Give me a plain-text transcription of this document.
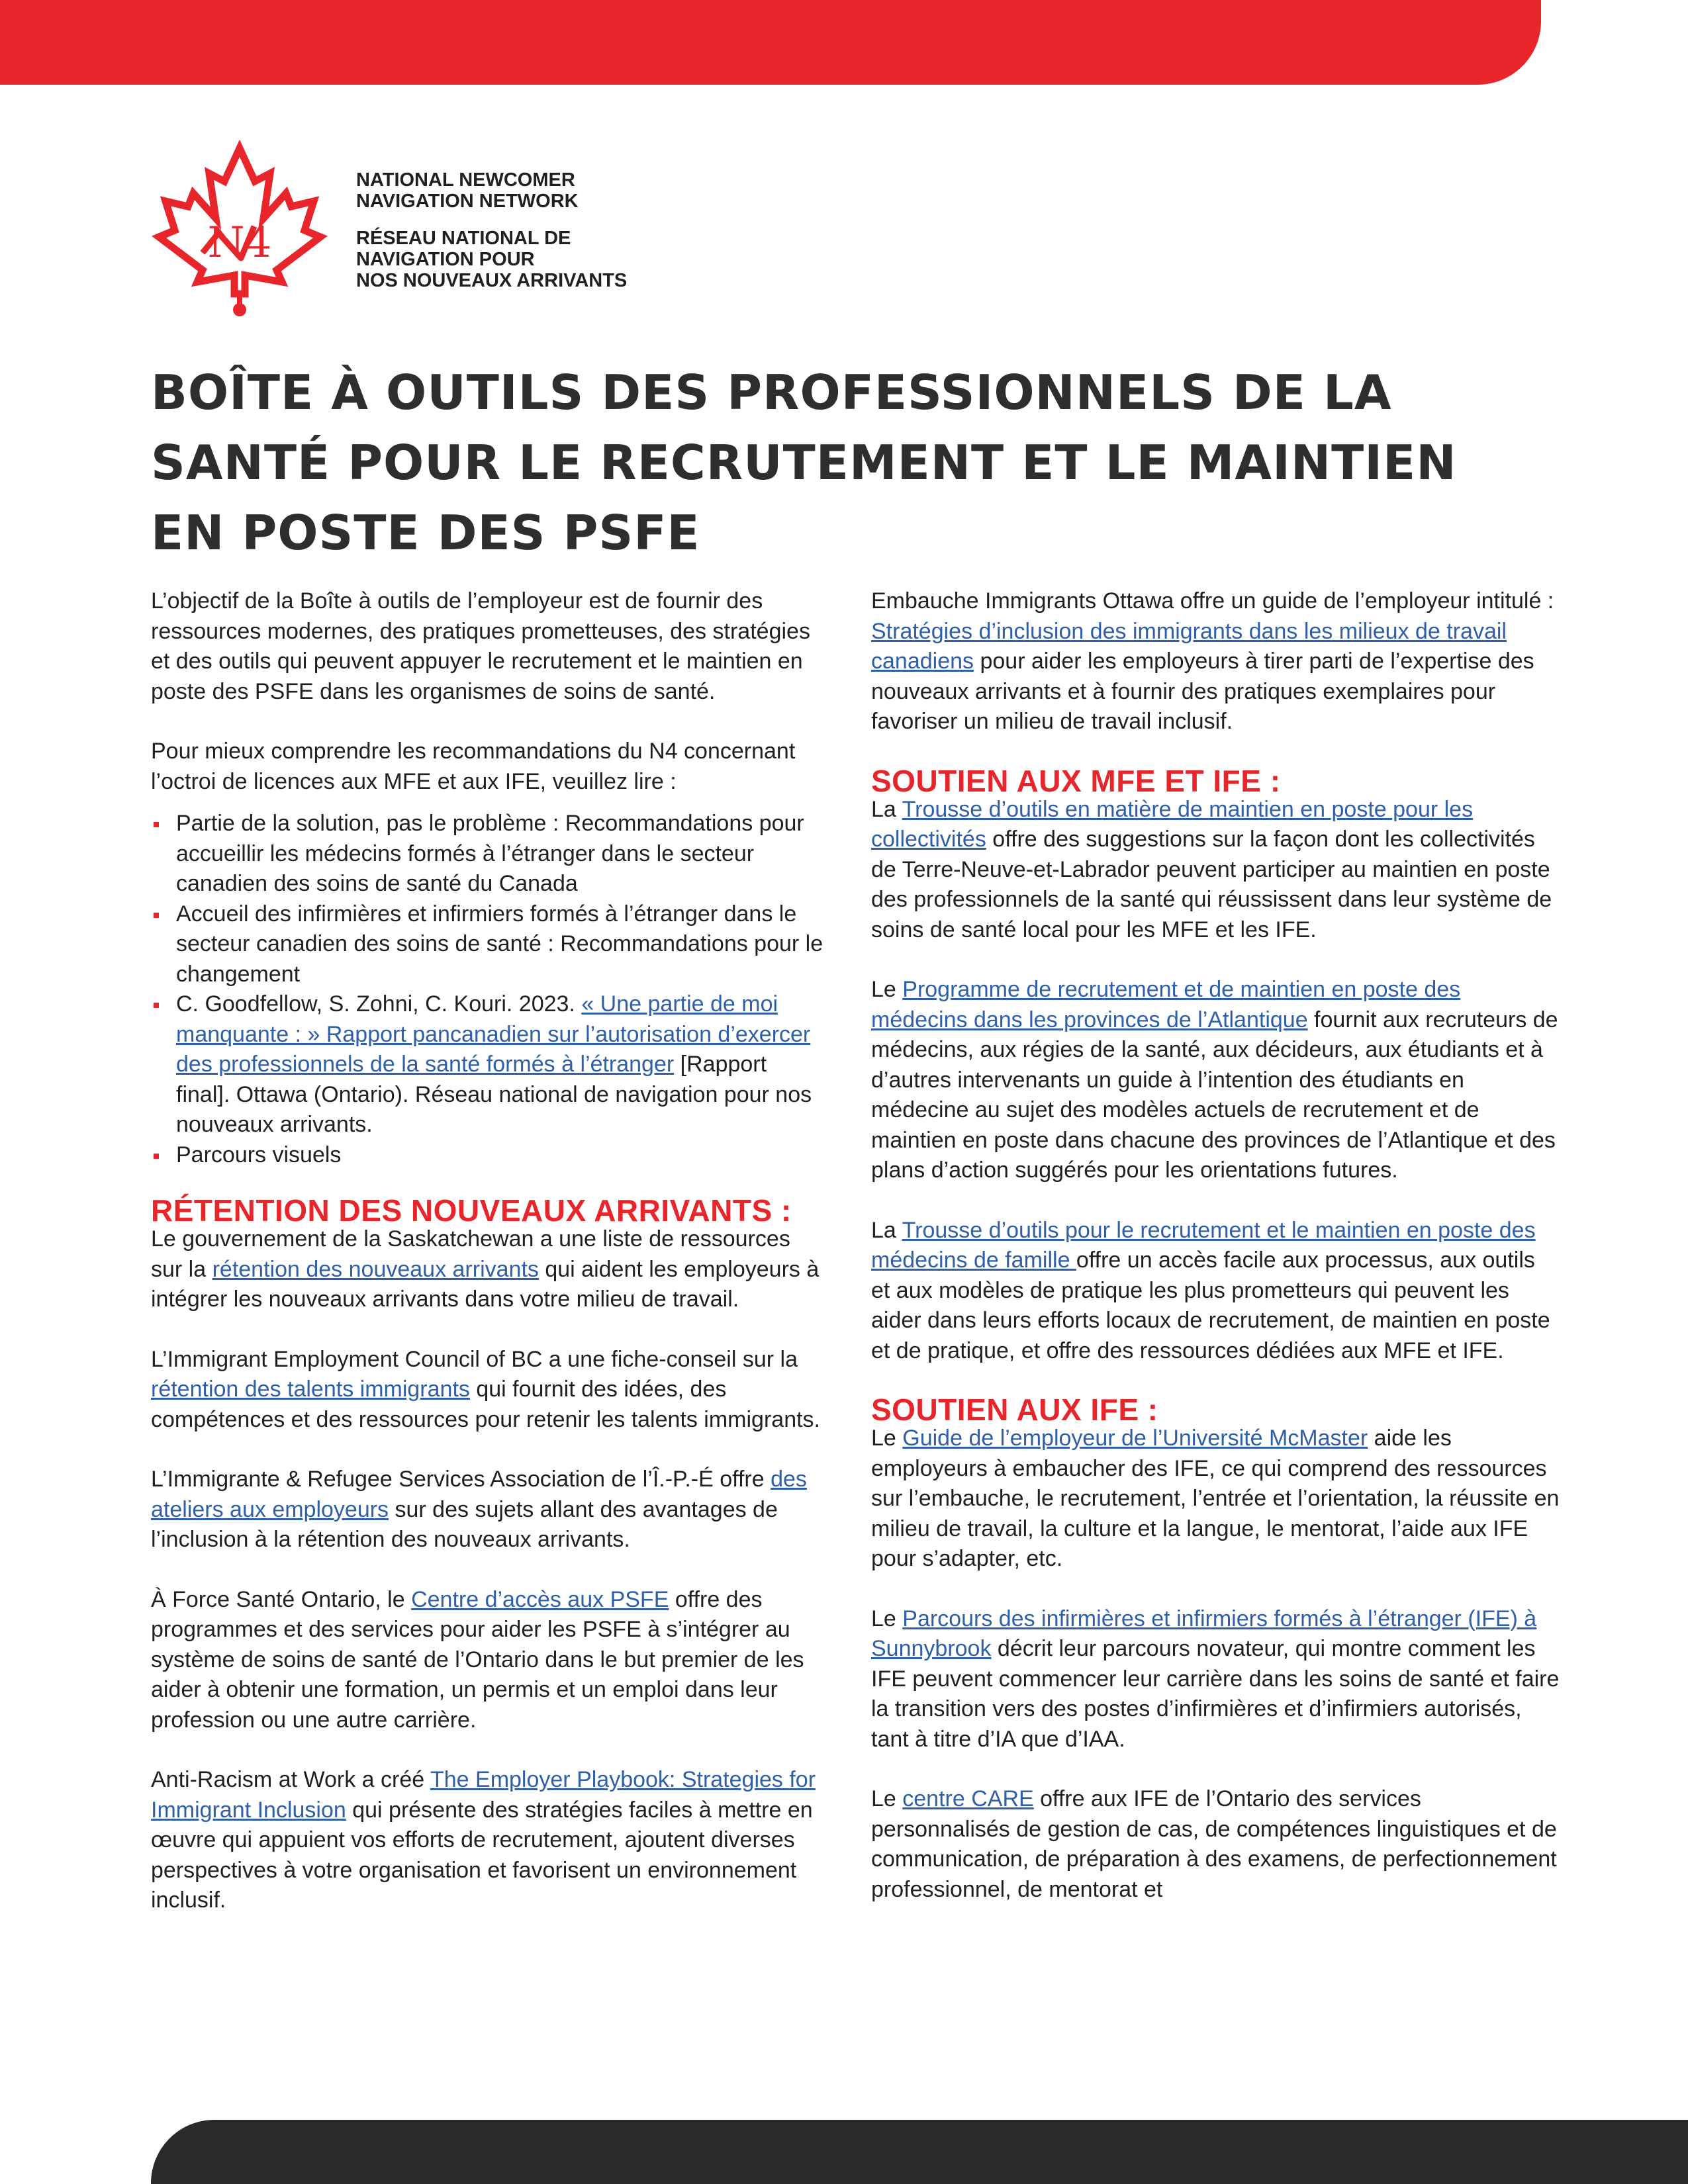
N4
NATIONAL NEWCOMER
NAVIGATION NETWORK
RÉSEAU NATIONAL DE
NAVIGATION POUR
NOS NOUVEAUX ARRIVANTS
BOÎTE À OUTILS DES PROFESSIONNELS DE LA
SANTÉ POUR LE RECRUTEMENT ET LE MAINTIEN
EN POSTE DES PSFE

L’objectif de la Boîte à outils de l’employeur est de fournir des ressources modernes, des pratiques prometteuses, des stratégies et des outils qui peuvent appuyer le recrutement et le maintien en poste des PSFE dans les organismes de soins de santé.

Pour mieux comprendre les recommandations du N4 concernant l’octroi de licences aux MFE et aux IFE, veuillez lire :

Partie de la solution, pas le problème : Recommandations pour accueillir les médecins formés à l’étranger dans le secteur canadien des soins de santé du Canada
Accueil des infirmières et infirmiers formés à l’étranger dans le secteur canadien des soins de santé : Recommandations pour le changement
C. Goodfellow, S. Zohni, C. Kouri. 2023. « Une partie de moi manquante : » Rapport pancanadien sur l’autorisation d’exercer des professionnels de la santé formés à l’étranger [Rapport final]. Ottawa (Ontario). Réseau national de navigation pour nos nouveaux arrivants.
Parcours visuels
RÉTENTION DES NOUVEAUX ARRIVANTS :

Le gouvernement de la Saskatchewan a une liste de ressources sur la rétention des nouveaux arrivants qui aident les employeurs à intégrer les nouveaux arrivants dans votre milieu de travail.

L’Immigrant Employment Council of BC a une fiche-conseil sur la rétention des talents immigrants qui fournit des idées, des compétences et des ressources pour retenir les talents immigrants.

L’Immigrante & Refugee Services Association de l’Î.-P.-É offre des ateliers aux employeurs sur des sujets allant des avantages de l’inclusion à la rétention des nouveaux arrivants.

À Force Santé Ontario, le Centre d’accès aux PSFE offre des programmes et des services pour aider les PSFE à s’intégrer au système de soins de santé de l’Ontario dans le but premier de les aider à obtenir une formation, un permis et un emploi dans leur profession ou une autre carrière.

Anti-Racism at Work a créé The Employer Playbook: Strategies for Immigrant Inclusion qui présente des stratégies faciles à mettre en œuvre qui appuient vos efforts de recrutement, ajoutent diverses perspectives à votre organisation et favorisent un environnement inclusif.

Embauche Immigrants Ottawa offre un guide de l’employeur intitulé : Stratégies d’inclusion des immigrants dans les milieux de travail canadiens pour aider les employeurs à tirer parti de l’expertise des nouveaux arrivants et à fournir des pratiques exemplaires pour favoriser un milieu de travail inclusif.

SOUTIEN AUX MFE ET IFE :

La Trousse d’outils en matière de maintien en poste pour les collectivités offre des suggestions sur la façon dont les collectivités de Terre-Neuve-et-Labrador peuvent participer au maintien en poste des professionnels de la santé qui réussissent dans leur système de soins de santé local pour les MFE et les IFE.

Le Programme de recrutement et de maintien en poste des médecins dans les provinces de l’Atlantique fournit aux recruteurs de médecins, aux régies de la santé, aux décideurs, aux étudiants et à d’autres intervenants un guide à l’intention des étudiants en médecine au sujet des modèles actuels de recrutement et de maintien en poste dans chacune des provinces de l’Atlantique et des plans d’action suggérés pour les orientations futures.

La Trousse d’outils pour le recrutement et le maintien en poste des médecins de famille offre un accès facile aux processus, aux outils et aux modèles de pratique les plus prometteurs qui peuvent les aider dans leurs efforts locaux de recrutement, de maintien en poste et de pratique, et offre des ressources dédiées aux MFE et IFE.

SOUTIEN AUX IFE :

Le Guide de l’employeur de l’Université McMaster aide les employeurs à embaucher des IFE, ce qui comprend des ressources sur l’embauche, le recrutement, l’entrée et l’orientation, la réussite en milieu de travail, la culture et la langue, le mentorat, l’aide aux IFE pour s’adapter, etc.

Le Parcours des infirmières et infirmiers formés à l’étranger (IFE) à Sunnybrook décrit leur parcours novateur, qui montre comment les IFE peuvent commencer leur carrière dans les soins de santé et faire la transition vers des postes d’infirmières et d’infirmiers autorisés, tant à titre d’IA que d’IAA.

Le centre CARE offre aux IFE de l’Ontario des services personnalisés de gestion de cas, de compétences linguistiques et de communication, de préparation à des examens, de perfectionnement professionnel, de mentorat et
